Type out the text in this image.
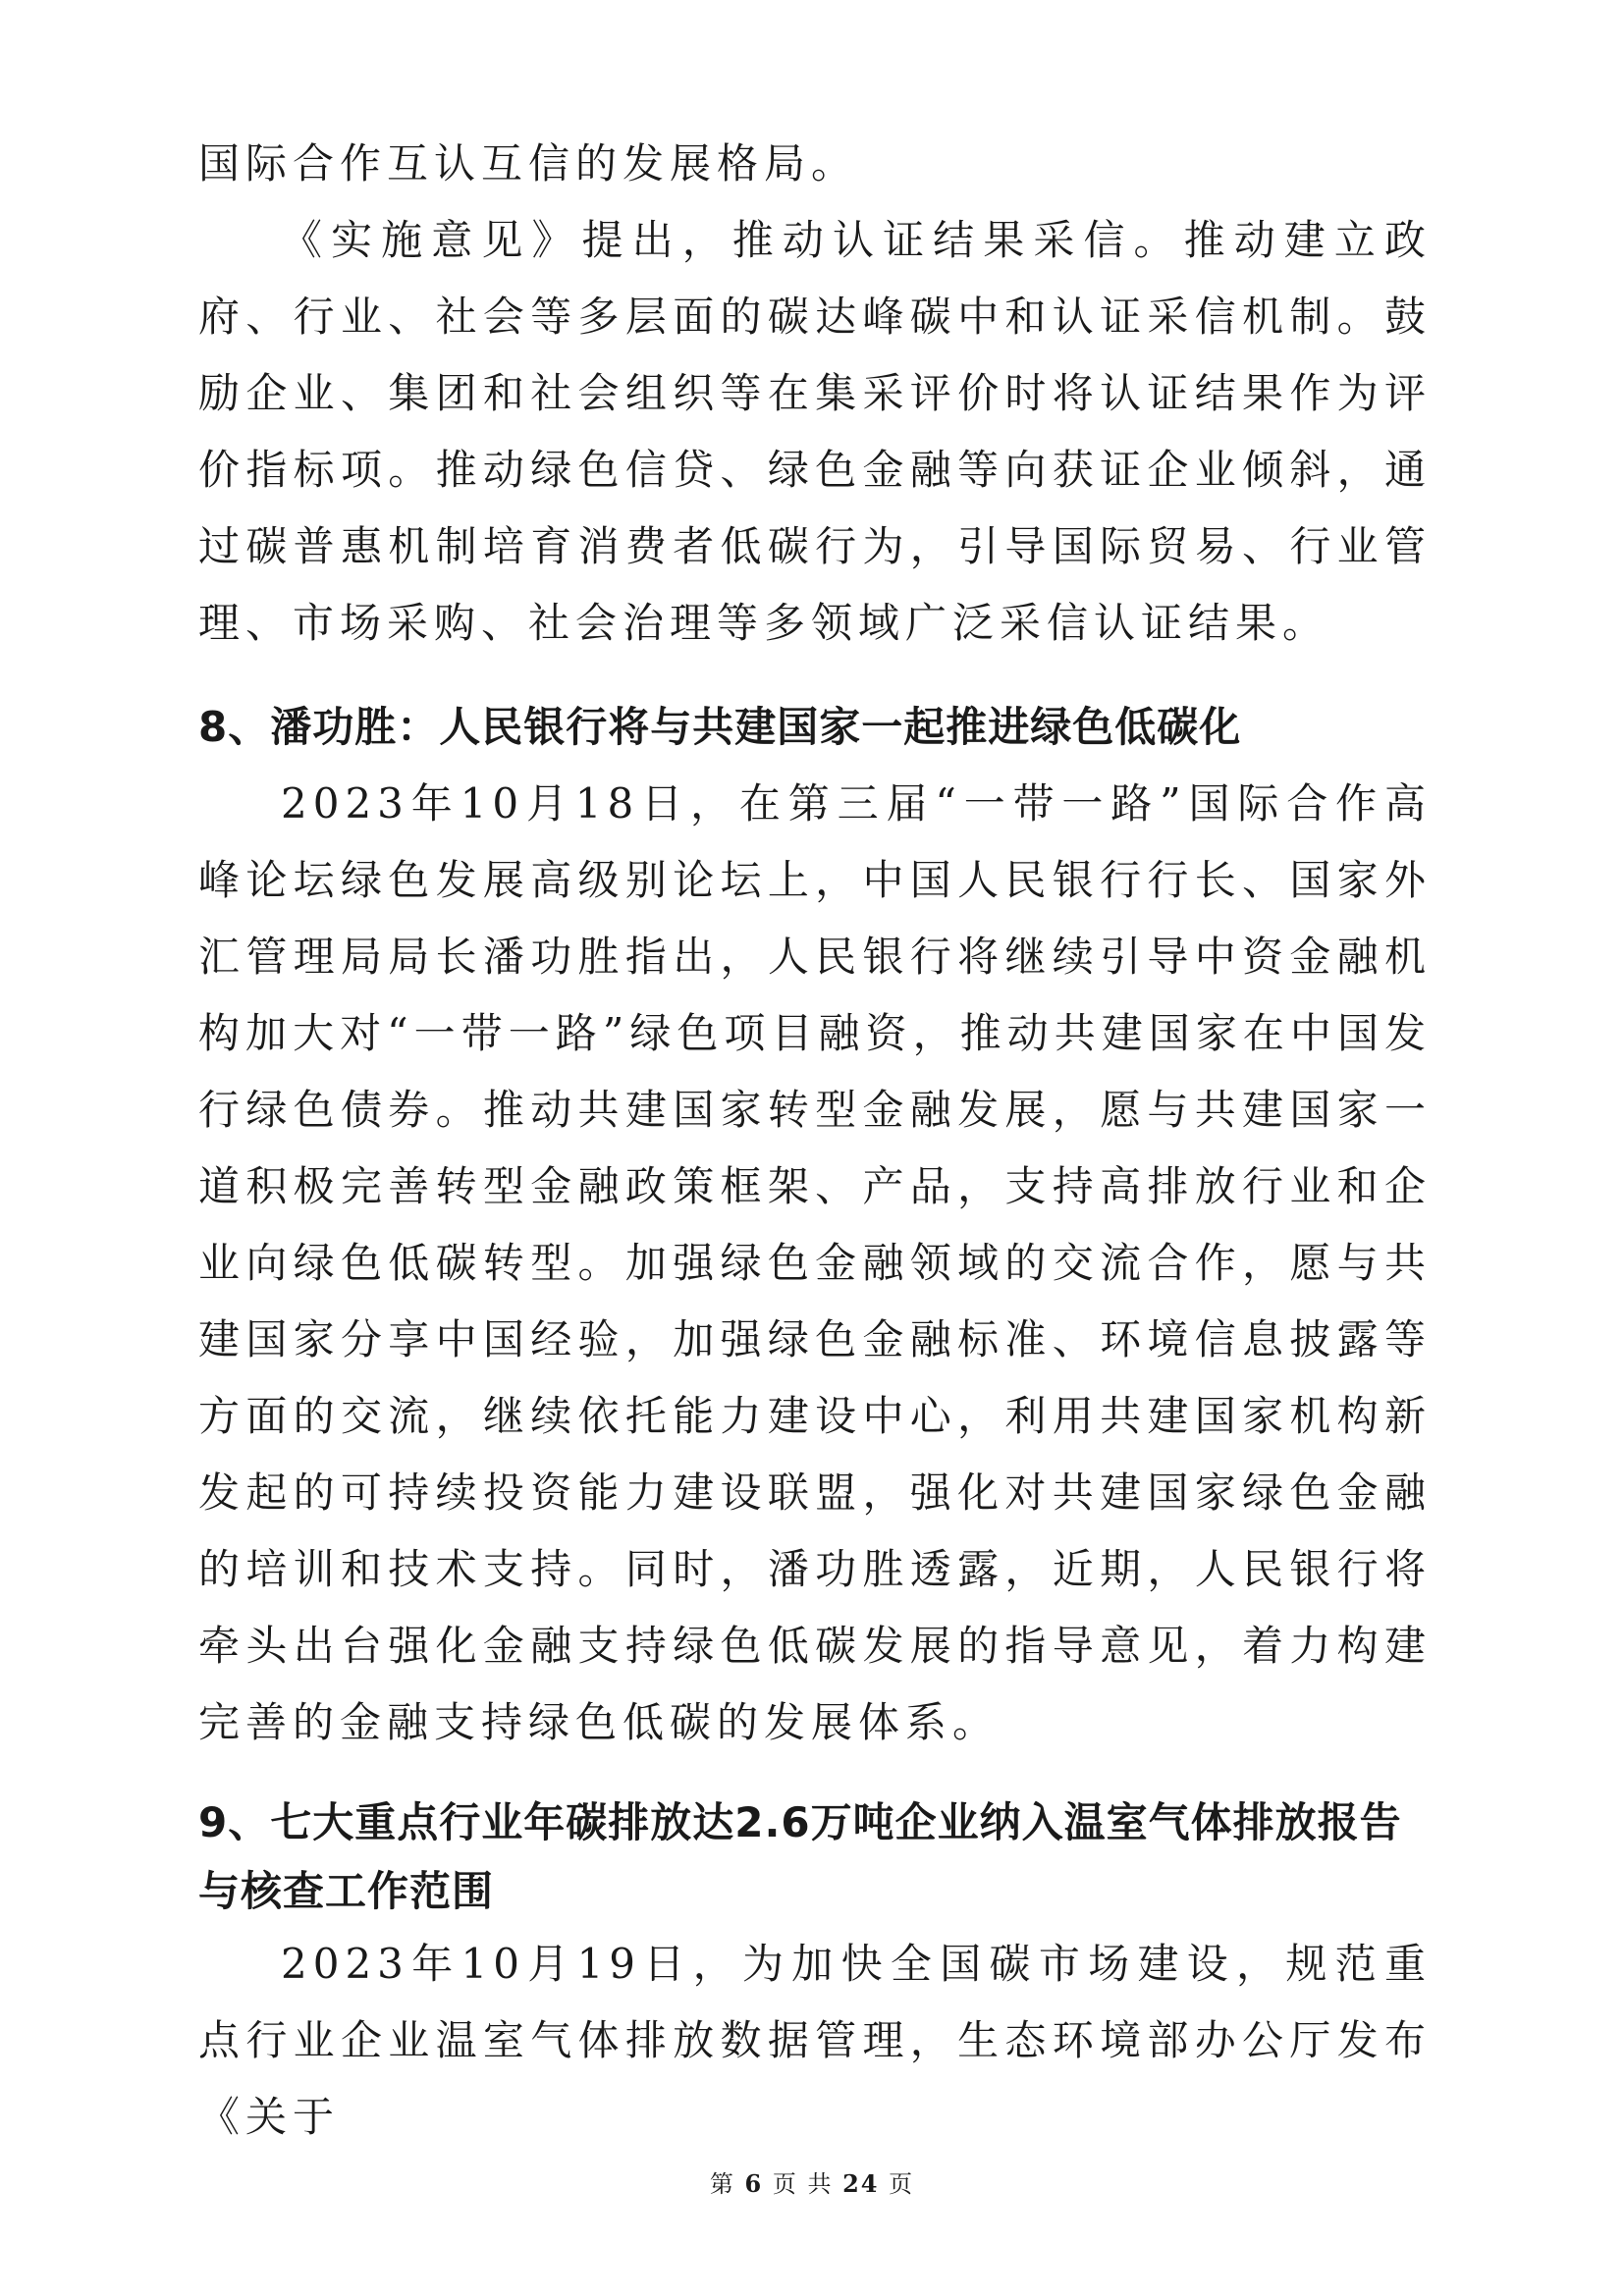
国际合作互认互信的发展格局。

《实施意见》提出，推动认证结果采信。推动建立政府、行业、社会等多层面的碳达峰碳中和认证采信机制。鼓励企业、集团和社会组织等在集采评价时将认证结果作为评价指标项。推动绿色信贷、绿色金融等向获证企业倾斜，通过碳普惠机制培育消费者低碳行为，引导国际贸易、行业管理、市场采购、社会治理等多领域广泛采信认证结果。

8、潘功胜：人民银行将与共建国家一起推进绿色低碳化

2023年10月18日，在第三届“一带一路”国际合作高峰论坛绿色发展高级别论坛上，中国人民银行行长、国家外汇管理局局长潘功胜指出，人民银行将继续引导中资金融机构加大对“一带一路”绿色项目融资，推动共建国家在中国发行绿色债券。推动共建国家转型金融发展，愿与共建国家一道积极完善转型金融政策框架、产品，支持高排放行业和企业向绿色低碳转型。加强绿色金融领域的交流合作，愿与共建国家分享中国经验，加强绿色金融标准、环境信息披露等方面的交流，继续依托能力建设中心，利用共建国家机构新发起的可持续投资能力建设联盟，强化对共建国家绿色金融的培训和技术支持。同时，潘功胜透露，近期，人民银行将牵头出台强化金融支持绿色低碳发展的指导意见，着力构建完善的金融支持绿色低碳的发展体系。

9、七大重点行业年碳排放达2.6万吨企业纳入温室气体排放报告与核查工作范围

2023年10月19日，为加快全国碳市场建设，规范重点行业企业温室气体排放数据管理，生态环境部办公厅发布《关于

第 6 页 共 24 页
